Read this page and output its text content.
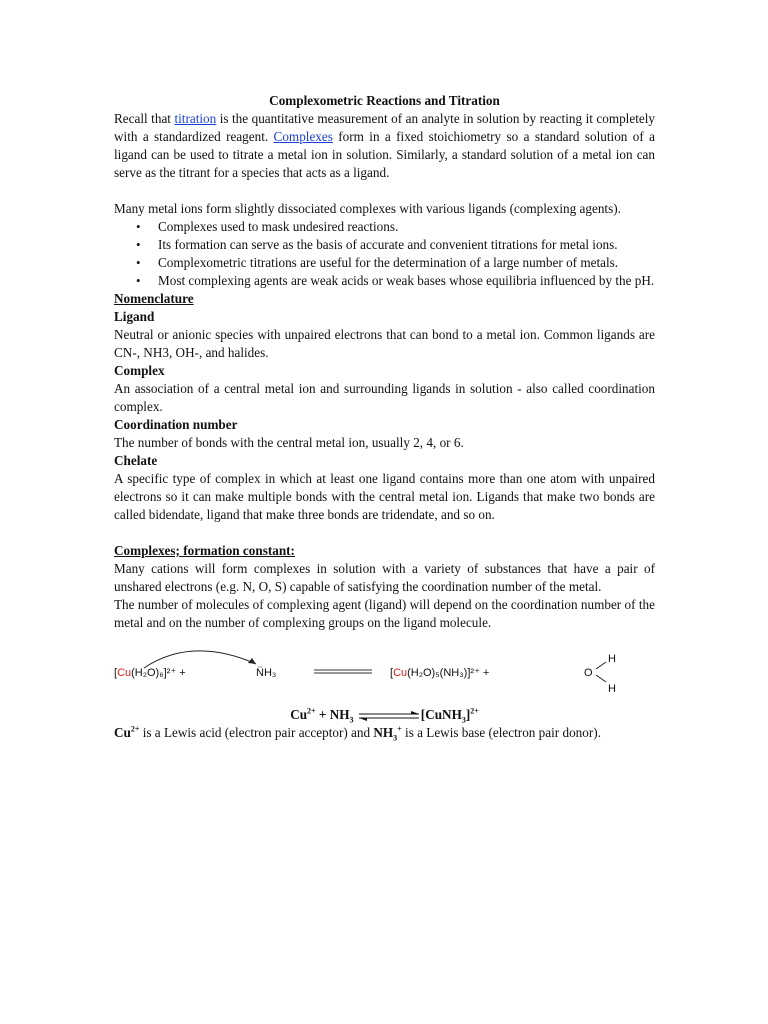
Complexometric Reactions and Titration

Recall that titration is the quantitative measurement of an analyte in solution by reacting it completely with a standardized reagent. Complexes form in a fixed stoichiometry so a standard solution of a ligand can be used to titrate a metal ion in solution. Similarly, a standard solution of a metal ion can serve as the titrant for a species that acts as a ligand.

Many metal ions form slightly dissociated complexes with various ligands (complexing agents).

• Complexes used to mask undesired reactions.
• Its formation can serve as the basis of accurate and convenient titrations for metal ions.
• Complexometric titrations are useful for the determination of a large number of metals.
• Most complexing agents are weak acids or weak bases whose equilibria influenced by the pH.

Nomenclature

Ligand

Neutral or anionic species with unpaired electrons that can bond to a metal ion. Common ligands are CN-, NH3, OH-, and halides.

Complex

An association of a central metal ion and surrounding ligands in solution - also called coordination complex.

Coordination number

The number of bonds with the central metal ion, usually 2, 4, or 6.

Chelate

A specific type of complex in which at least one ligand contains more than one atom with unpaired electrons so it can make multiple bonds with the central metal ion. Ligands that make two bonds are called bidendate, ligand that make three bonds are tridendate, and so on.

Complexes; formation constant:

Many cations will form complexes in solution with a variety of substances that have a pair of unshared electrons (e.g. N, O, S) capable of satisfying the coordination number of the metal.

The number of molecules of complexing agent (ligand) will depend on the coordination number of the metal and on the number of complexing groups on the ligand molecule.

[Cu(H₂O)₆]²⁺ +	N̈H₃	[Cu(H₂O)₅(NH₃)]²⁺ +	O
H
H

$Cu^{2+} + NH_3$	[CuNH$_3$]$^{2+}$

$Cu^{2+}$ is a Lewis acid (electron pair acceptor) and $NH_3^+$ is a Lewis base (electron pair donor).
